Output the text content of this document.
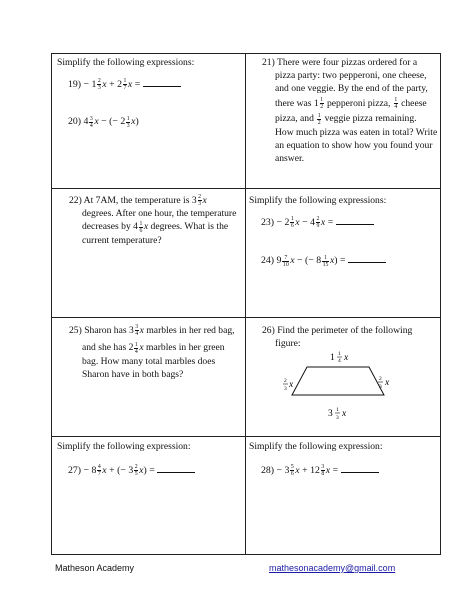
Simplify the following expressions:
$19) - 1 \frac{2}{3}$ $x + 2 \frac{1}{7}$ x =
20) $4 \frac{3}{4}$ x − (− $2 \frac{1}{3} x$)
21) There were four pizzas ordered for a
pizza party: two pepperoni, one cheese,
and one veggie. By the end of the party,
there was $1 \frac{1}{2}$ pepperoni pizza, $\frac{1}{4}$ cheese
pizza, and $\frac{1}{2}$ veggie pizza remaining.
How much pizza was eaten in total? Write
an equation to show how you found your
answer.
22) At 7AM, the temperature is $3 \frac{2}{3}$ x
degrees. After one hour, the temperature
decreases by $4 \frac{1}{6}$ x degrees. What is the
current temperature?
Simplify the following expressions:
$23) - 2 \frac{1}{6}$ $x - 4 \frac{2}{9}$ x =
24) $9 \frac{7}{10}$ x − (− $8 \frac{1}{15} x$) =
25) Sharon has $3 \frac{3}{4}$ x marbles in her red bag,
and she has $2 \frac{1}{4}$ x marbles in her green
bag. How many total marbles does
Sharon have in both bags?
26) Find the perimeter of the following
figure:
1 1
4 x
2
3 x
2
3 x
3 1
3 x
Simplify the following expression:
$27) - 8 \frac{4}{7}$ x + (− $3 \frac{2}{5} x$) =
Simplify the following expression:
$28) - 3 \frac{5}{6}$ $x + 12 \frac{3}{8}$ x =
Matheson Academy	mathesonacademy@gmail.com
